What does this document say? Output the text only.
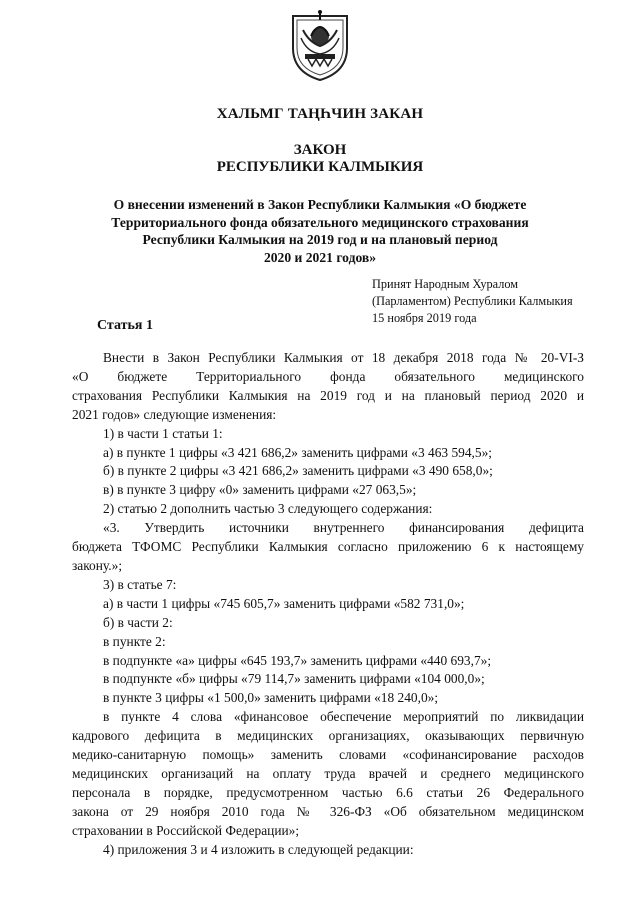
ХАЛЬМГ ТАҢҺЧИН ЗАКАН
ЗАКОН
РЕСПУБЛИКИ КАЛМЫКИЯ
О внесении изменений в Закон Республики Калмыкия «О бюджете
Территориального фонда обязательного медицинского страхования
Республики Калмыкия на 2019 год и на плановый период
2020 и 2021 годов»
Принят Народным Хуралом
(Парламентом) Республики Калмыкия
15 ноября 2019 года
Статья 1

Внести в Закон Республики Калмыкия от 18 декабря 2018 года № 20-VI-З

«О бюджете Территориального фонда обязательного медицинского

страхования Республики Калмыкия на 2019 год и на плановый период 2020 и

2021 годов» следующие изменения:

1) в части 1 статьи 1:

а) в пункте 1 цифры «3 421 686,2» заменить цифрами «3 463 594,5»;

б) в пункте 2 цифры «3 421 686,2» заменить цифрами «3 490 658,0»;

в) в пункте 3 цифру «0» заменить цифрами «27 063,5»;

2) статью 2 дополнить частью 3 следующего содержания:

«3. Утвердить источники внутреннего финансирования дефицита

бюджета ТФОМС Республики Калмыкия согласно приложению 6 к настоящему

закону.»;

3) в статье 7:

а) в части 1 цифры «745 605,7» заменить цифрами «582 731,0»;

б) в части 2:

в пункте 2:

в подпункте «а» цифры «645 193,7» заменить цифрами «440 693,7»;

в подпункте «б» цифры «79 114,7» заменить цифрами «104 000,0»;

в пункте 3 цифры «1 500,0» заменить цифрами «18 240,0»;

в пункте 4 слова «финансовое обеспечение мероприятий по ликвидации

кадрового дефицита в медицинских организациях, оказывающих первичную

медико-санитарную помощь» заменить словами «софинансирование расходов

медицинских организаций на оплату труда врачей и среднего медицинского

персонала в порядке, предусмотренном частью 6.6 статьи 26 Федерального

закона от 29 ноября 2010 года № 326-ФЗ «Об обязательном медицинском

страховании в Российской Федерации»;

4) приложения 3 и 4 изложить в следующей редакции:
